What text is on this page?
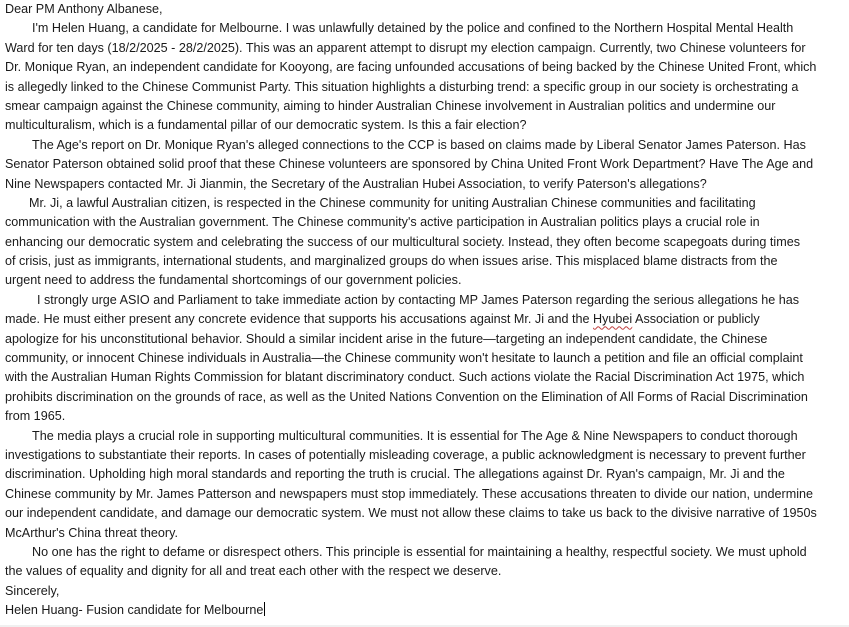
Dear PM Anthony Albanese,
I'm Helen Huang, a candidate for Melbourne. I was unlawfully detained by the police and confined to the Northern Hospital Mental Health
Ward for ten days (18/2/2025 - 28/2/2025). This was an apparent attempt to disrupt my election campaign. Currently, two Chinese volunteers for
Dr. Monique Ryan, an independent candidate for Kooyong, are facing unfounded accusations of being backed by the Chinese United Front, which
is allegedly linked to the Chinese Communist Party. This situation highlights a disturbing trend: a specific group in our society is orchestrating a
smear campaign against the Chinese community, aiming to hinder Australian Chinese involvement in Australian politics and undermine our
multiculturalism, which is a fundamental pillar of our democratic system. Is this a fair election?
The Age's report on Dr. Monique Ryan's alleged connections to the CCP is based on claims made by Liberal Senator James Paterson. Has
Senator Paterson obtained solid proof that these Chinese volunteers are sponsored by China United Front Work Department? Have The Age and
Nine Newspapers contacted Mr. Ji Jianmin, the Secretary of the Australian Hubei Association, to verify Paterson's allegations?
Mr. Ji, a lawful Australian citizen, is respected in the Chinese community for uniting Australian Chinese communities and facilitating
communication with the Australian government. The Chinese community's active participation in Australian politics plays a crucial role in
enhancing our democratic system and celebrating the success of our multicultural society. Instead, they often become scapegoats during times
of crisis, just as immigrants, international students, and marginalized groups do when issues arise. This misplaced blame distracts from the
urgent need to address the fundamental shortcomings of our government policies.
I strongly urge ASIO and Parliament to take immediate action by contacting MP James Paterson regarding the serious allegations he has
made. He must either present any concrete evidence that supports his accusations against Mr. Ji and the Hyubei Association or publicly
apologize for his unconstitutional behavior. Should a similar incident arise in the future—targeting an independent candidate, the Chinese
community, or innocent Chinese individuals in Australia—the Chinese community won't hesitate to launch a petition and file an official complaint
with the Australian Human Rights Commission for blatant discriminatory conduct. Such actions violate the Racial Discrimination Act 1975, which
prohibits discrimination on the grounds of race, as well as the United Nations Convention on the Elimination of All Forms of Racial Discrimination
from 1965.
The media plays a crucial role in supporting multicultural communities. It is essential for The Age & Nine Newspapers to conduct thorough
investigations to substantiate their reports. In cases of potentially misleading coverage, a public acknowledgment is necessary to prevent further
discrimination. Upholding high moral standards and reporting the truth is crucial. The allegations against Dr. Ryan's campaign, Mr. Ji and the
Chinese community by Mr. James Patterson and newspapers must stop immediately. These accusations threaten to divide our nation, undermine
our independent candidate, and damage our democratic system. We must not allow these claims to take us back to the divisive narrative of 1950s
McArthur's China threat theory.
No one has the right to defame or disrespect others. This principle is essential for maintaining a healthy, respectful society. We must uphold
the values of equality and dignity for all and treat each other with the respect we deserve.
Sincerely,
Helen Huang- Fusion candidate for Melbourne
